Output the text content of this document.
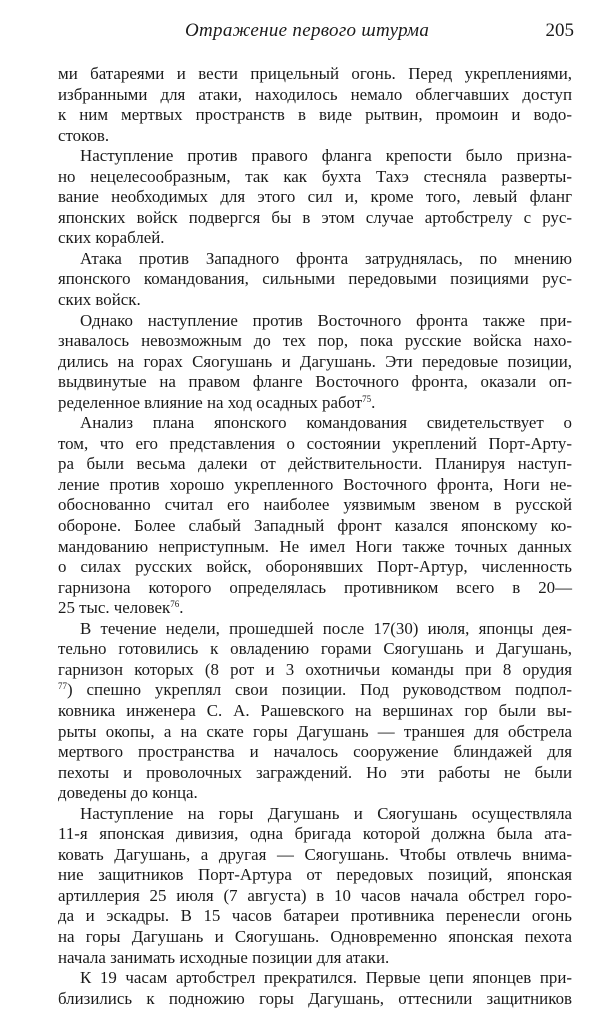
Отражение первого штурма	205
ми батареями и вести прицельный огонь. Перед укреплениями,
избранными для атаки, находилось немало облегчавших доступ
к ним мертвых пространств в виде рытвин, промоин и водо-
стоков.
Наступление против правого фланга крепости было призна-
но нецелесообразным, так как бухта Тахэ стесняла разверты-
вание необходимых для этого сил и, кроме того, левый фланг
японских войск подвергся бы в этом случае артобстрелу с рус-
ских кораблей.
Атака против Западного фронта затруднялась, по мнению
японского командования, сильными передовыми позициями рус-
ских войск.
Однако наступление против Восточного фронта также при-
знавалось невозможным до тех пор, пока русские войска нахо-
дились на горах Сяогушань и Дагушань. Эти передовые позиции,
выдвинутые на правом фланге Восточного фронта, оказали оп-
ределенное влияние на ход осадных работ$^{75}$.
Анализ плана японского командования свидетельствует о
том, что его представления о состоянии укреплений Порт-Арту-
ра были весьма далеки от действительности. Планируя наступ-
ление против хорошо укрепленного Восточного фронта, Ноги не-
обоснованно считал его наиболее уязвимым звеном в русской
обороне. Более слабый Западный фронт казался японскому ко-
мандованию неприступным. Не имел Ноги также точных данных
о силах русских войск, оборонявших Порт-Артур, численность
гарнизона которого определялась противником всего в 20—
25 тыс. человек$^{76}$.
В течение недели, прошедшей после 17(30) июля, японцы дея-
тельно готовились к овладению горами Сяогушань и Дагушань,
гарнизон которых (8 рот и 3 охотничьи команды при 8 орудия
$^{77}$) спешно укреплял свои позиции. Под руководством подпол-
ковника инженера С. А. Рашевского на вершинах гор были вы-
рыты окопы, а на скате горы Дагушань — траншея для обстрела
мертвого пространства и началось сооружение блиндажей для
пехоты и проволочных заграждений. Но эти работы не были
доведены до конца.
Наступление на горы Дагушань и Сяогушань осуществляла
11-я японская дивизия, одна бригада которой должна была ата-
ковать Дагушань, а другая — Сяогушань. Чтобы отвлечь внима-
ние защитников Порт-Артура от передовых позиций, японская
артиллерия 25 июля (7 августа) в 10 часов начала обстрел горо-
да и эскадры. В 15 часов батареи противника перенесли огонь
на горы Дагушань и Сяогушань. Одновременно японская пехота
начала занимать исходные позиции для атаки.
К 19 часам артобстрел прекратился. Первые цепи японцев при-
близились к подножию горы Дагушань, оттеснили защитников
